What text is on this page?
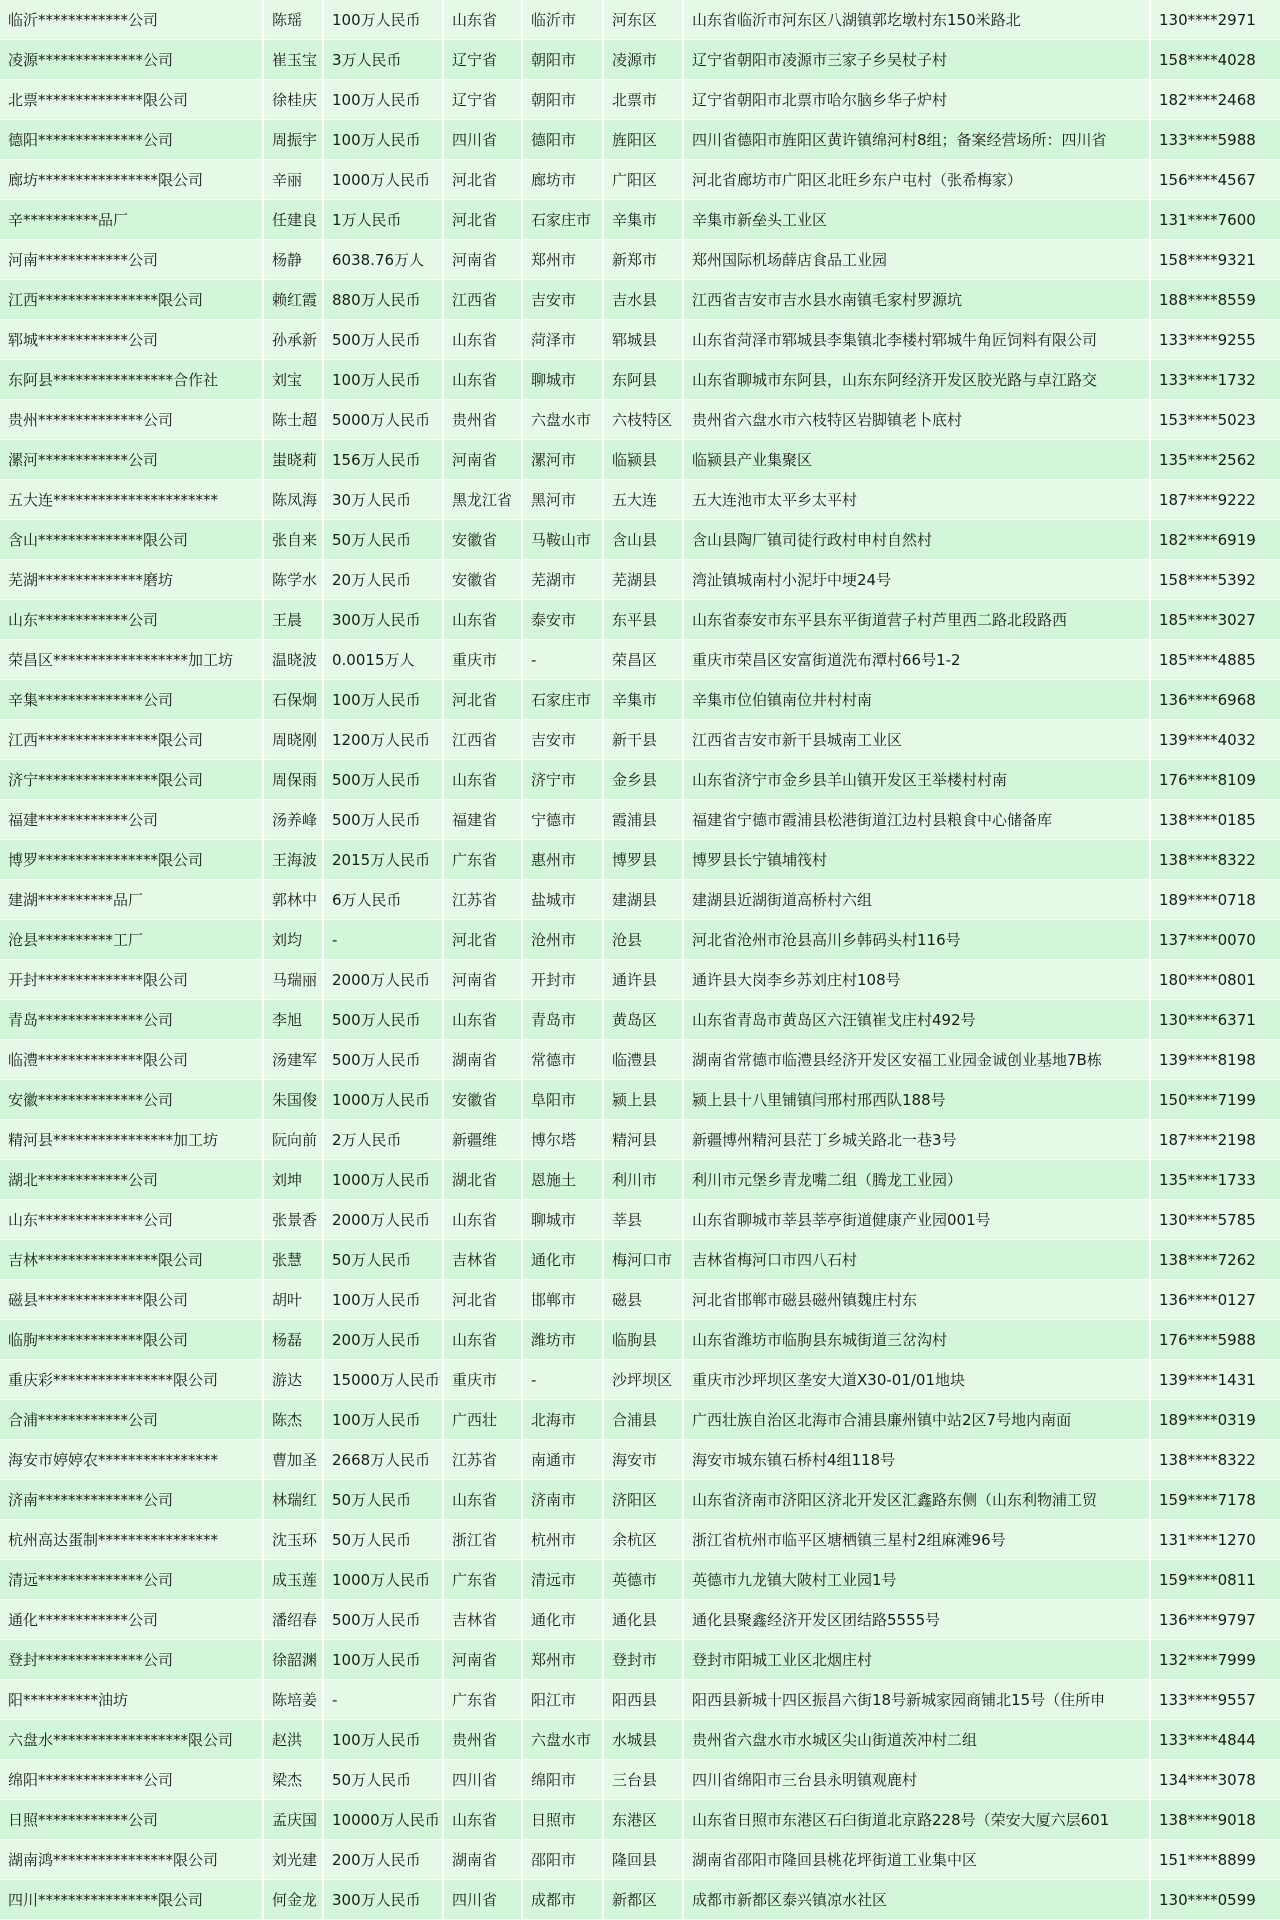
临沂************公司	陈瑶	100万人民币	山东省	临沂市	河东区	山东省临沂市河东区八湖镇郭圪墩村东150米路北	130****2971
凌源**************公司	崔玉宝	3万人民币	辽宁省	朝阳市	凌源市	辽宁省朝阳市凌源市三家子乡吴杖子村	158****4028
北票**************限公司	徐桂庆	100万人民币	辽宁省	朝阳市	北票市	辽宁省朝阳市北票市哈尔脑乡华子炉村	182****2468
德阳**************公司	周振宇	100万人民币	四川省	德阳市	旌阳区	四川省德阳市旌阳区黄许镇绵河村8组；备案经营场所：四川省	133****5988
廊坊****************限公司	辛丽	1000万人民币	河北省	廊坊市	广阳区	河北省廊坊市广阳区北旺乡东户屯村（张希梅家）	156****4567
辛**********品厂	任建良	1万人民币	河北省	石家庄市	辛集市	辛集市新垒头工业区	131****7600
河南************公司	杨静	6038.76万人	河南省	郑州市	新郑市	郑州国际机场薛店食品工业园	158****9321
江西****************限公司	赖红霞	880万人民币	江西省	吉安市	吉水县	江西省吉安市吉水县水南镇毛家村罗源坑	188****8559
郓城************公司	孙承新	500万人民币	山东省	菏泽市	郓城县	山东省菏泽市郓城县李集镇北李楼村郓城牛角匠饲料有限公司	133****9255
东阿县****************合作社	刘宝	100万人民币	山东省	聊城市	东阿县	山东省聊城市东阿县，山东东阿经济开发区胶光路与卓江路交	133****1732
贵州**************公司	陈士超	5000万人民币	贵州省	六盘水市	六枝特区	贵州省六盘水市六枝特区岩脚镇老卜底村	153****5023
漯河************公司	蚩晓莉	156万人民币	河南省	漯河市	临颍县	临颍县产业集聚区	135****2562
五大连**********************	陈凤海	30万人民币	黑龙江省	黑河市	五大连	五大连池市太平乡太平村	187****9222
含山**************限公司	张自来	50万人民币	安徽省	马鞍山市	含山县	含山县陶厂镇司徒行政村申村自然村	182****6919
芜湖**************磨坊	陈学水	20万人民币	安徽省	芜湖市	芜湖县	湾沚镇城南村小泥圩中埂24号	158****5392
山东************公司	王晨	300万人民币	山东省	泰安市	东平县	山东省泰安市东平县东平街道营子村芦里西二路北段路西	185****3027
荣昌区******************加工坊	温晓波	0.0015万人	重庆市	-	荣昌区	重庆市荣昌区安富街道洗布潭村66号1-2	185****4885
辛集**************公司	石保炯	100万人民币	河北省	石家庄市	辛集市	辛集市位伯镇南位井村村南	136****6968
江西****************限公司	周晓刚	1200万人民币	江西省	吉安市	新干县	江西省吉安市新干县城南工业区	139****4032
济宁****************限公司	周保雨	500万人民币	山东省	济宁市	金乡县	山东省济宁市金乡县羊山镇开发区王举楼村村南	176****8109
福建************公司	汤养峰	500万人民币	福建省	宁德市	霞浦县	福建省宁德市霞浦县松港街道江边村县粮食中心储备库	138****0185
博罗****************限公司	王海波	2015万人民币	广东省	惠州市	博罗县	博罗县长宁镇埔筏村	138****8322
建湖**********品厂	郭林中	6万人民币	江苏省	盐城市	建湖县	建湖县近湖街道高桥村六组	189****0718
沧县**********工厂	刘均	-	河北省	沧州市	沧县	河北省沧州市沧县高川乡韩码头村116号	137****0070
开封**************限公司	马瑞丽	2000万人民币	河南省	开封市	通许县	通许县大岗李乡苏刘庄村108号	180****0801
青岛**************公司	李旭	500万人民币	山东省	青岛市	黄岛区	山东省青岛市黄岛区六汪镇崔戈庄村492号	130****6371
临澧**************限公司	汤建军	500万人民币	湖南省	常德市	临澧县	湖南省常德市临澧县经济开发区安福工业园金诚创业基地7B栋	139****8198
安徽**************公司	朱国俊	1000万人民币	安徽省	阜阳市	颍上县	颍上县十八里铺镇闫邢村邢西队188号	150****7199
精河县****************加工坊	阮向前	2万人民币	新疆维	博尔塔	精河县	新疆博州精河县茫丁乡城关路北一巷3号	187****2198
湖北************公司	刘坤	1000万人民币	湖北省	恩施土	利川市	利川市元堡乡青龙嘴二组（腾龙工业园）	135****1733
山东**************公司	张景香	2000万人民币	山东省	聊城市	莘县	山东省聊城市莘县莘亭街道健康产业园001号	130****5785
吉林****************限公司	张慧	50万人民币	吉林省	通化市	梅河口市	吉林省梅河口市四八石村	138****7262
磁县**************限公司	胡叶	100万人民币	河北省	邯郸市	磁县	河北省邯郸市磁县磁州镇魏庄村东	136****0127
临朐**************限公司	杨磊	200万人民币	山东省	潍坊市	临朐县	山东省潍坊市临朐县东城街道三岔沟村	176****5988
重庆彩****************限公司	游达	15000万人民币	重庆市	-	沙坪坝区	重庆市沙坪坝区垄安大道X30-01/01地块	139****1431
合浦************公司	陈杰	100万人民币	广西壮	北海市	合浦县	广西壮族自治区北海市合浦县廉州镇中站2区7号地内南面	189****0319
海安市婷婷农****************	曹加圣	2668万人民币	江苏省	南通市	海安市	海安市城东镇石桥村4组118号	138****8322
济南**************公司	林瑞红	50万人民币	山东省	济南市	济阳区	山东省济南市济阳区济北开发区汇鑫路东侧（山东利物浦工贸	159****7178
杭州高达蛋制****************	沈玉环	50万人民币	浙江省	杭州市	余杭区	浙江省杭州市临平区塘栖镇三星村2组麻滩96号	131****1270
清远**************公司	成玉莲	1000万人民币	广东省	清远市	英德市	英德市九龙镇大陂村工业园1号	159****0811
通化************公司	潘绍春	500万人民币	吉林省	通化市	通化县	通化县聚鑫经济开发区团结路5555号	136****9797
登封**************公司	徐韶渊	100万人民币	河南省	郑州市	登封市	登封市阳城工业区北烟庄村	132****7999
阳**********油坊	陈培姜	-	广东省	阳江市	阳西县	阳西县新城十四区振昌六街18号新城家园商铺北15号（住所申	133****9557
六盘水******************限公司	赵洪	100万人民币	贵州省	六盘水市	水城县	贵州省六盘水市水城区尖山街道茨冲村二组	133****4844
绵阳**************公司	梁杰	50万人民币	四川省	绵阳市	三台县	四川省绵阳市三台县永明镇观鹿村	134****3078
日照************公司	孟庆国	10000万人民币	山东省	日照市	东港区	山东省日照市东港区石臼街道北京路228号（荣安大厦六层601	138****9018
湖南鸿****************限公司	刘光建	200万人民币	湖南省	邵阳市	隆回县	湖南省邵阳市隆回县桃花坪街道工业集中区	151****8899
四川****************限公司	何金龙	300万人民币	四川省	成都市	新都区	成都市新都区泰兴镇凉水社区	130****0599
